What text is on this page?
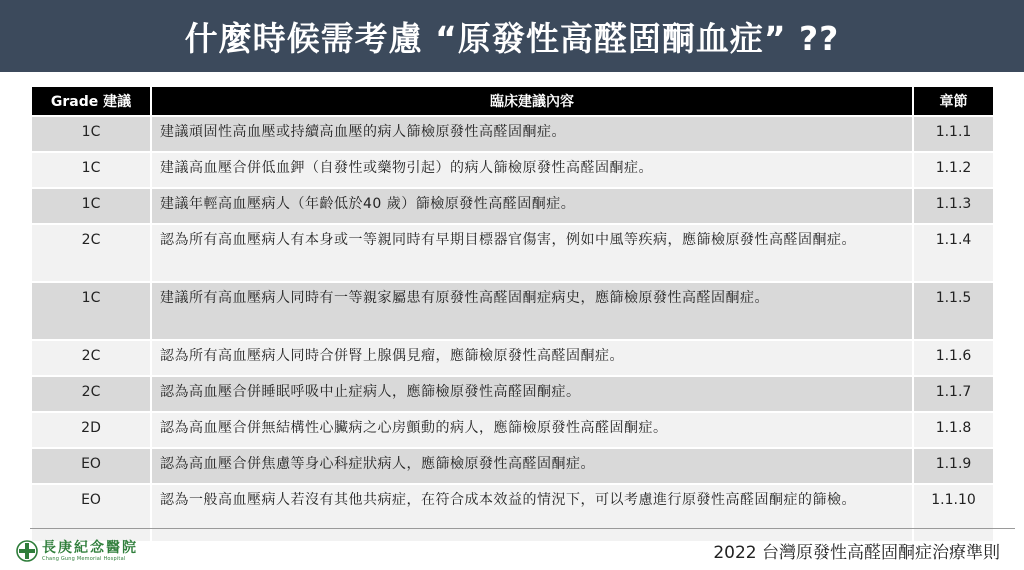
什麼時候需考慮 “原發性高醛固酮血症” ??
Grade 建議	臨床建議內容	章節
1C	建議頑固性高血壓或持續高血壓的病人篩檢原發性高醛固酮症。	1.1.1
1C	建議高血壓合併低血鉀（自發性或藥物引起）的病人篩檢原發性高醛固酮症。	1.1.2
1C	建議年輕高血壓病人（年齡低於40 歲）篩檢原發性高醛固酮症。	1.1.3
2C	認為所有高血壓病人有本身或一等親同時有早期目標器官傷害，例如中風等疾病，應篩檢原發性高醛固酮症。	1.1.4
1C	建議所有高血壓病人同時有一等親家屬患有原發性高醛固酮症病史，應篩檢原發性高醛固酮症。	1.1.5
2C	認為所有高血壓病人同時合併腎上腺偶見瘤，應篩檢原發性高醛固酮症。	1.1.6
2C	認為高血壓合併睡眠呼吸中止症病人，應篩檢原發性高醛固酮症。	1.1.7
2D	認為高血壓合併無結構性心臟病之心房顫動的病人，應篩檢原發性高醛固酮症。	1.1.8
EO	認為高血壓合併焦慮等身心科症狀病人，應篩檢原發性高醛固酮症。	1.1.9
EO	認為一般高血壓病人若沒有其他共病症，在符合成本效益的情況下，可以考慮進行原發性高醛固酮症的篩檢。	1.1.10
長庚紀念醫院
Chang Gung Memorial Hospital	2022 台灣原發性高醛固酮症治療準則
